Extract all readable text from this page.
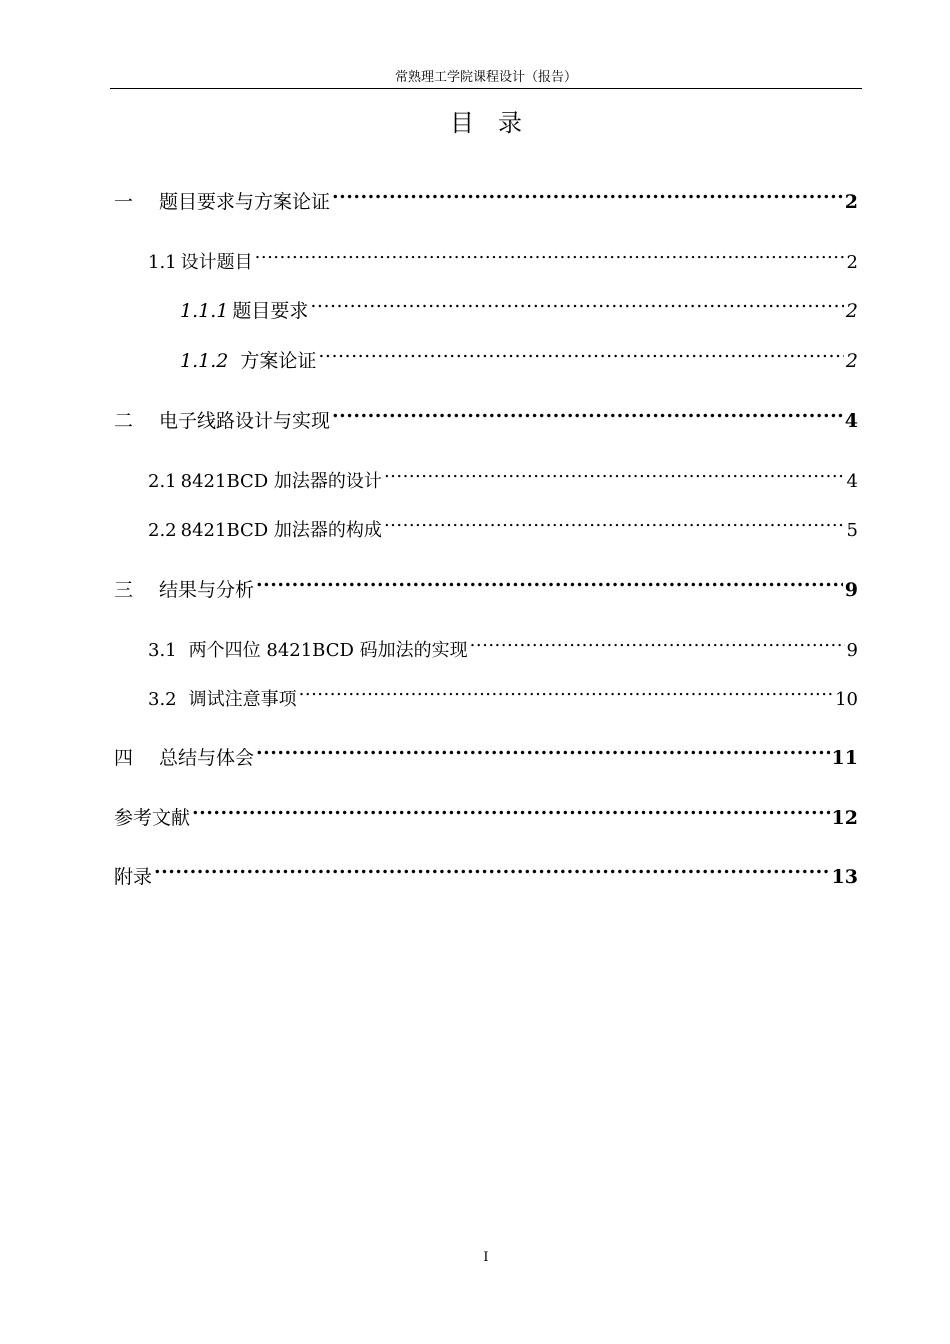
常熟理工学院课程设计（报告）
目录
一 题目要求与方案论证 .....	2
1.1 设计题目 .....	2
1.1.1 题目要求 .....	2
1.1.2 方案论证 .....	2
二 电子线路设计与实现 .....	4
2.1 8421BCD 加法器的设计 .....	4
2.2 8421BCD 加法器的构成 .....	5
三 结果与分析 .....	9
3.1 两个四位 8421BCD 码加法的实现 .....	9
3.2 调试注意事项 .....	10
四 总结与体会 .....	11
参考文献 .....	12
附录 .....	13
I
